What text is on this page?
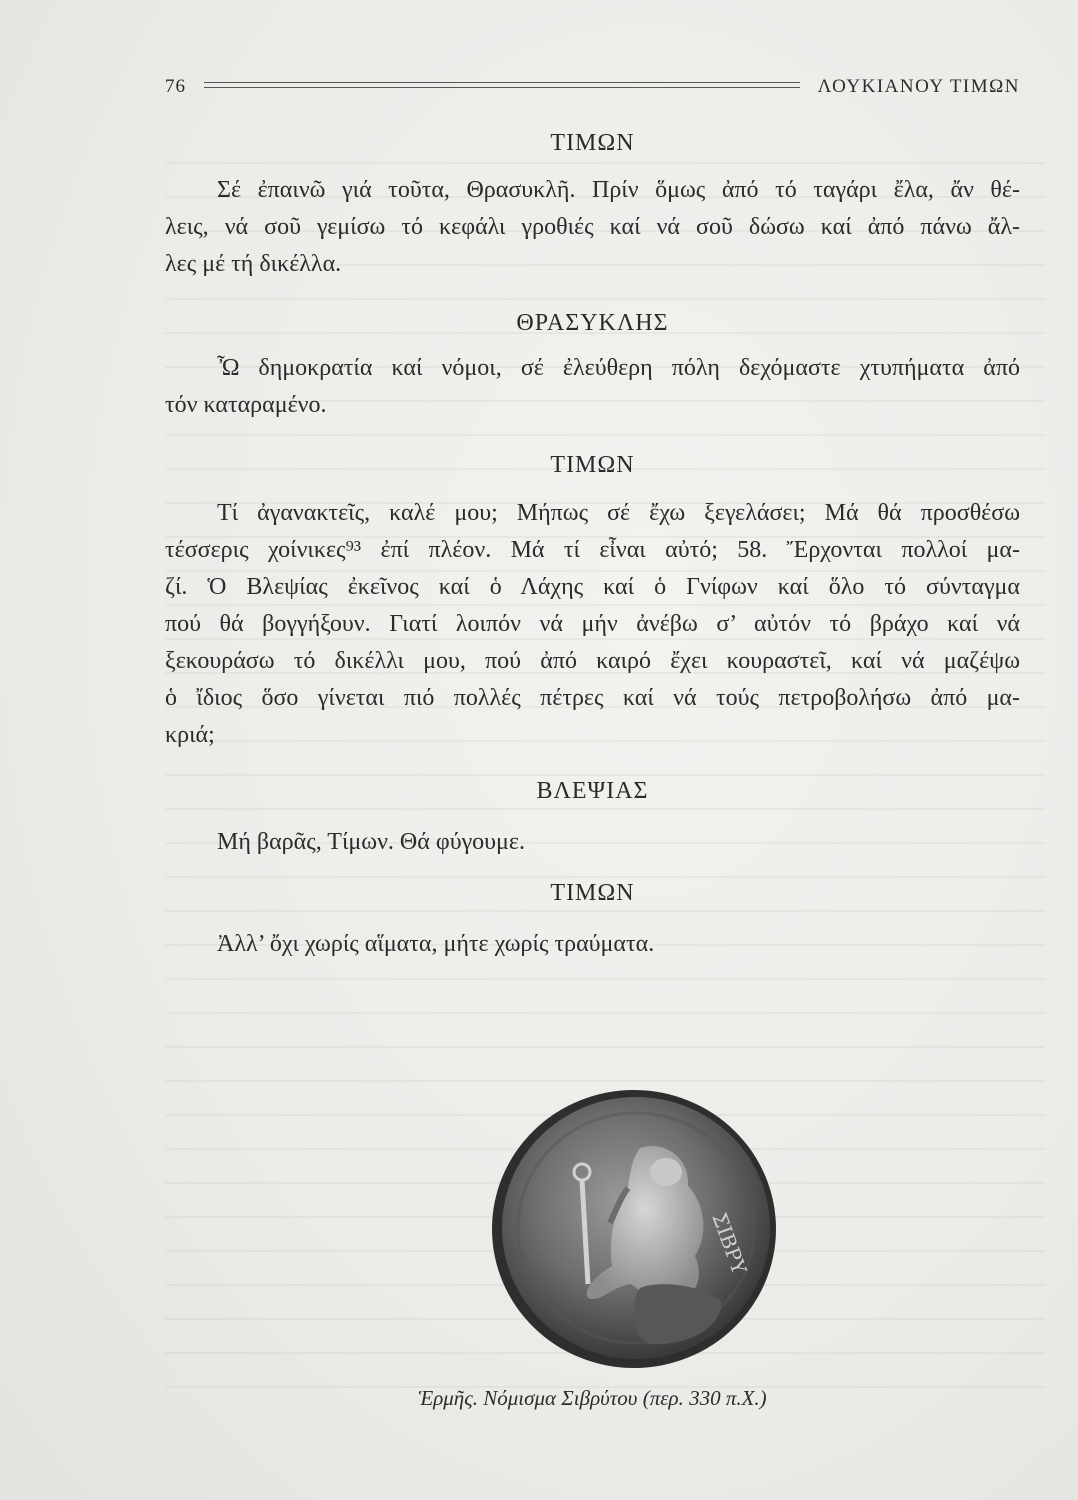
76	ΛΟΥΚΙΑΝΟΥ ΤΙΜΩΝ
ΤΙΜΩΝ
Σέ ἐπαινῶ γιά τοῦτα, Θρασυκλῆ. Πρίν ὅμως ἀπό τό ταγάρι ἔλα, ἄν θέ-
λεις, νά σοῦ γεμίσω τό κεφάλι γροθιές καί νά σοῦ δώσω καί ἀπό πάνω ἄλ-
λες μέ τή δικέλλα.
ΘΡΑΣΥΚΛΗΣ
Ὦ δημοκρατία καί νόμοι, σέ ἐλεύθερη πόλη δεχόμαστε χτυπήματα ἀπό
τόν καταραμένο.
ΤΙΜΩΝ
Τί ἀγανακτεῖς, καλέ μου; Μήπως σέ ἔχω ξεγελάσει; Μά θά προσθέσω
τέσσερις χοίνικες⁹³ ἐπί πλέον. Μά τί εἶναι αὐτό; 58. Ἔρχονται πολλοί μα-
ζί. Ὁ Βλεψίας ἐκεῖνος καί ὁ Λάχης καί ὁ Γνίφων καί ὅλο τό σύνταγμα
πού θά βογγήξουν. Γιατί λοιπόν νά μήν ἀνέβω σ’ αὐτόν τό βράχο καί νά
ξεκουράσω τό δικέλλι μου, πού ἀπό καιρό ἔχει κουραστεῖ, καί νά μαζέψω
ὁ ἴδιος ὅσο γίνεται πιό πολλές πέτρες καί νά τούς πετροβολήσω ἀπό μα-
κριά;
ΒΛΕΨΙΑΣ
Μή βαρᾶς, Τίμων. Θά φύγουμε.
ΤΙΜΩΝ
Ἀλλ’ ὄχι χωρίς αἵματα, μήτε χωρίς τραύματα.
ΣΙΒΡΥ
Ἑρμῆς. Νόμισμα Σιβρύτου (περ. 330 π.Χ.)
